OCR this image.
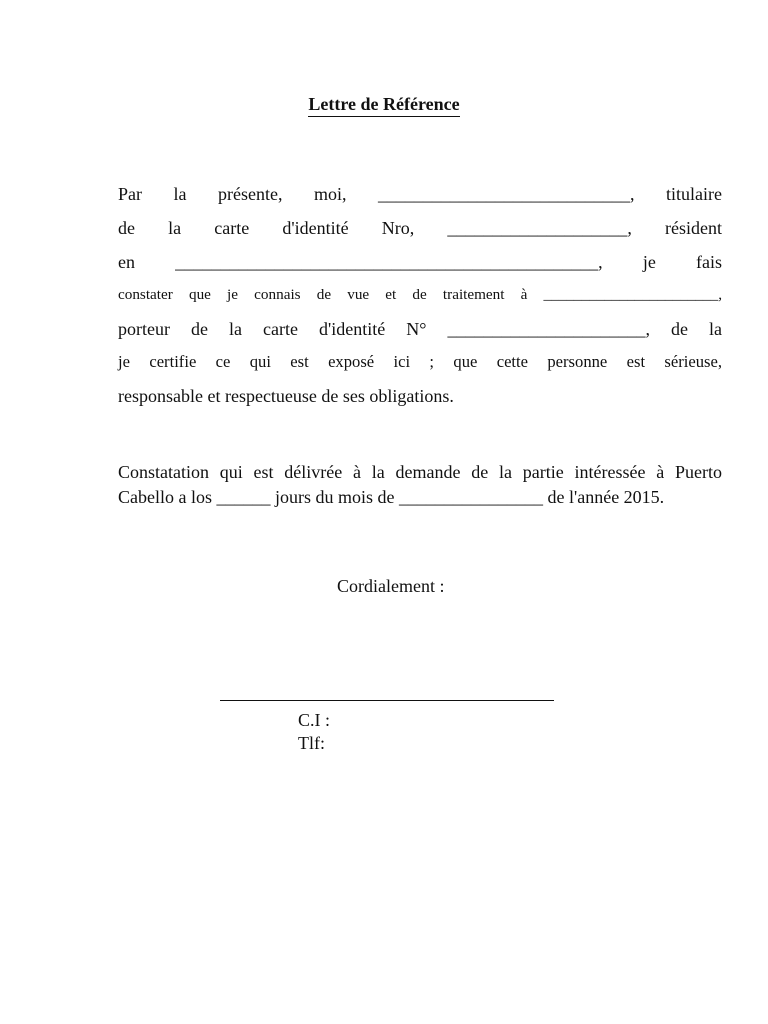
Lettre de Référence
Par la présente, moi, ____________________________, titulaire
de la carte d'identité Nro, ____________________, résident
en _______________________________________________, je fais
constater que je connais de vue et de traitement à _______________________,
porteur de la carte d'identité N° ______________________, de la
je certifie ce qui est exposé ici ; que cette personne est sérieuse,
responsable et respectueuse de ses obligations.
Constatation qui est délivrée à la demande de la partie intéressée à Puerto
Cabello a los ______ jours du mois de ________________ de l'année 2015.
Cordialement :
C.I :
Tlf:
